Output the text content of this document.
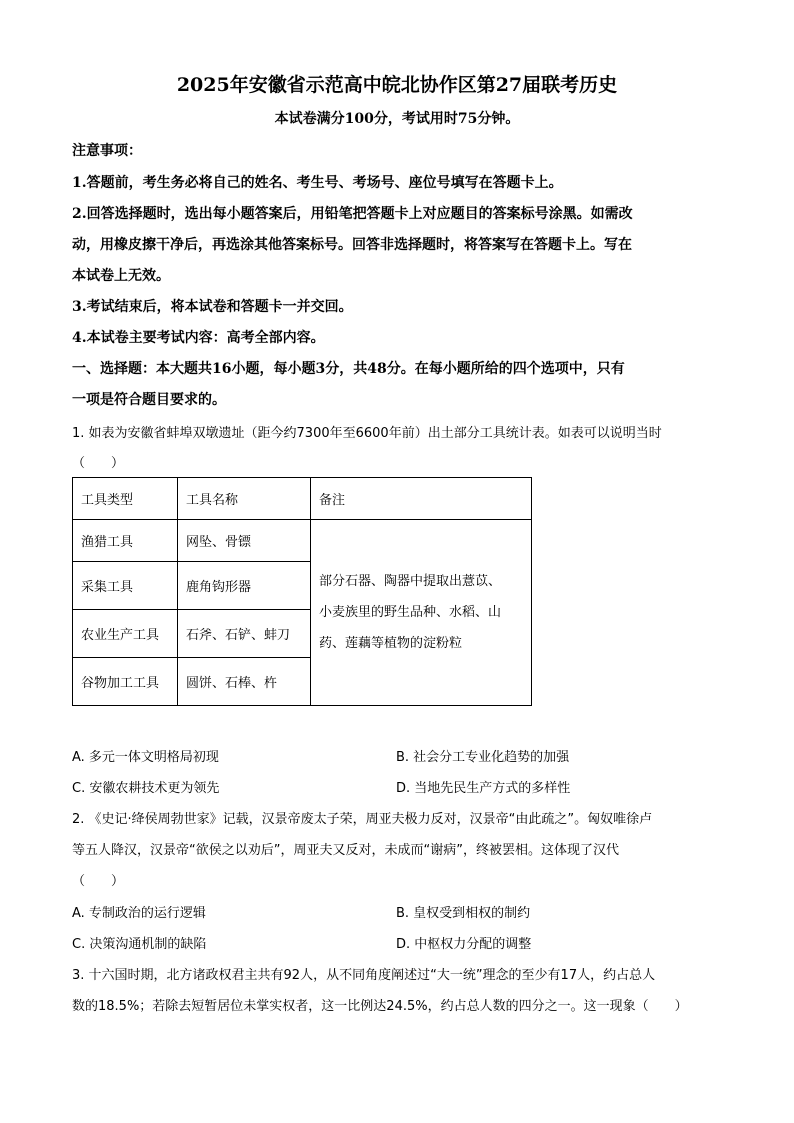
2025年安徽省示范高中皖北协作区第27届联考历史
本试卷满分100分，考试用时75分钟。
注意事项：
1.答题前，考生务必将自己的姓名、考生号、考场号、座位号填写在答题卡上。
2.回答选择题时，选出每小题答案后，用铅笔把答题卡上对应题目的答案标号涂黑。如需改
动，用橡皮擦干净后，再选涂其他答案标号。回答非选择题时，将答案写在答题卡上。写在
本试卷上无效。
3.考试结束后，将本试卷和答题卡一并交回。
4.本试卷主要考试内容：高考全部内容。
一、选择题：本大题共16小题，每小题3分，共48分。在每小题所给的四个选项中，只有
一项是符合题目要求的。
1. 如表为安徽省蚌埠双墩遗址（距今约7300年至6600年前）出土部分工具统计表。如表可以说明当时
（　　）
工具类型	工具名称	备注
渔猎工具	网坠、骨镖	部分石器、陶器中提取出薏苡、
小麦族里的野生品种、水稻、山
药、莲藕等植物的淀粉粒

采集工具	鹿角钩形器	
农业生产工具	石斧、石铲、蚌刀	
谷物加工工具	圆饼、石棒、杵	
A. 多元一体文明格局初现	B. 社会分工专业化趋势的加强
C. 安徽农耕技术更为领先	D. 当地先民生产方式的多样性
2. 《史记·绛侯周勃世家》记载，汉景帝废太子荣，周亚夫极力反对，汉景帝“由此疏之”。匈奴唯徐卢
等五人降汉，汉景帝“欲侯之以劝后”，周亚夫又反对，未成而“谢病”，终被罢相。这体现了汉代
（　　）
A. 专制政治的运行逻辑	B. 皇权受到相权的制约
C. 决策沟通机制的缺陷	D. 中枢权力分配的调整
3. 十六国时期，北方诸政权君主共有92人，从不同角度阐述过“大一统”理念的至少有17人，约占总人
数的18.5%；若除去短暂居位未掌实权者，这一比例达24.5%，约占总人数的四分之一。这一现象（　　）
